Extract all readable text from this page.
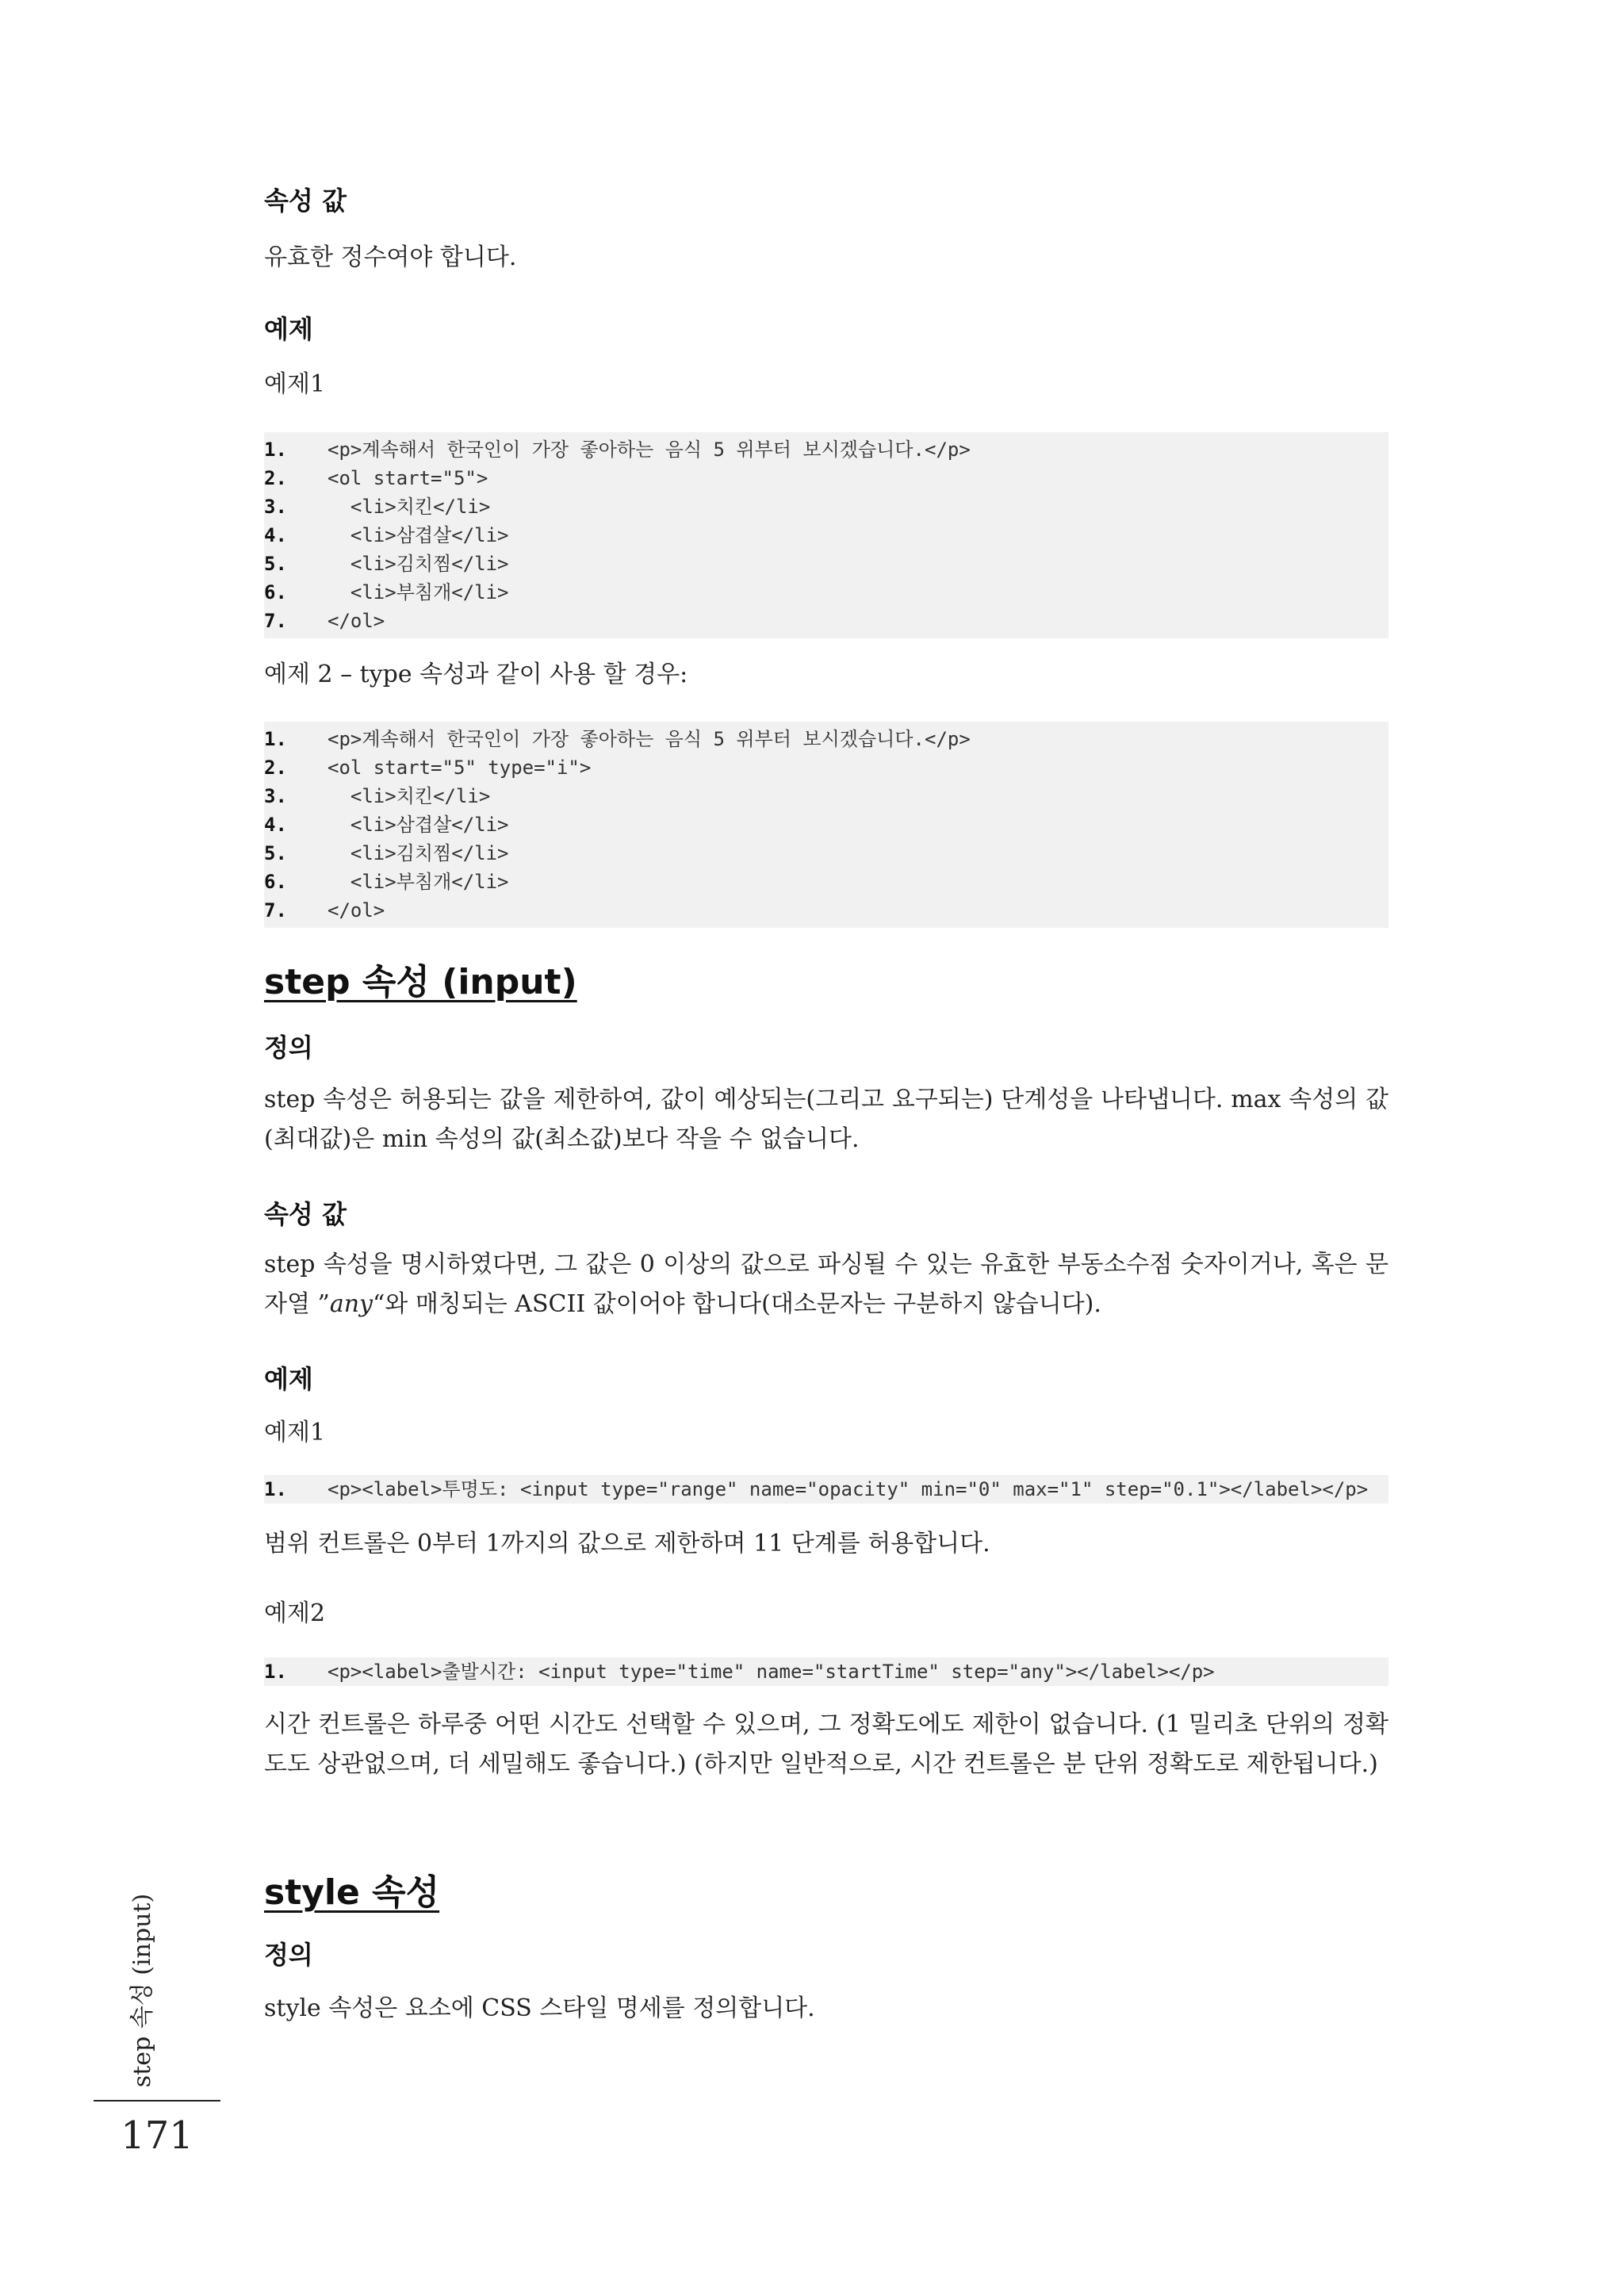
속성 값
유효한 정수여야 합니다.
예제
예제1
1.	<p>계속해서 한국인이 가장 좋아하는 음식 5 위부터 보시겠습니다.</p>
2.	<ol start="5">
3.	<li>치킨</li>
4.	<li>삼겹살</li>
5.	<li>김치찜</li>
6.	<li>부침개</li>
7.	</ol>
예제 2 – type 속성과 같이 사용 할 경우:
1.	<p>계속해서 한국인이 가장 좋아하는 음식 5 위부터 보시겠습니다.</p>
2.	<ol start="5" type="i">
3.	<li>치킨</li>
4.	<li>삼겹살</li>
5.	<li>김치찜</li>
6.	<li>부침개</li>
7.	</ol>
step 속성 (input)
정의
step 속성은 허용되는 값을 제한하여, 값이 예상되는(그리고 요구되는) 단계성을 나타냅니다. max 속성의 값(최대값)은 min 속성의 값(최소값)보다 작을 수 없습니다.
속성 값
step 속성을 명시하였다면, 그 값은 0 이상의 값으로 파싱될 수 있는 유효한 부동소수점 숫자이거나, 혹은 문자열 ”any“와 매칭되는 ASCII 값이어야 합니다(대소문자는 구분하지 않습니다).
예제
예제1
1.	<p><label>투명도: <input type="range" name="opacity" min="0" max="1" step="0.1"></label></p>
범위 컨트롤은 0부터 1까지의 값으로 제한하며 11 단계를 허용합니다.
예제2
1.	<p><label>출발시간: <input type="time" name="startTime" step="any"></label></p>
시간 컨트롤은 하루중 어떤 시간도 선택할 수 있으며, 그 정확도에도 제한이 없습니다. (1 밀리초 단위의 정확도도 상관없으며, 더 세밀해도 좋습니다.) (하지만 일반적으로, 시간 컨트롤은 분 단위 정확도로 제한됩니다.)
style 속성
정의
style 속성은 요소에 CSS 스타일 명세를 정의합니다.
step 속성 (input)
171
